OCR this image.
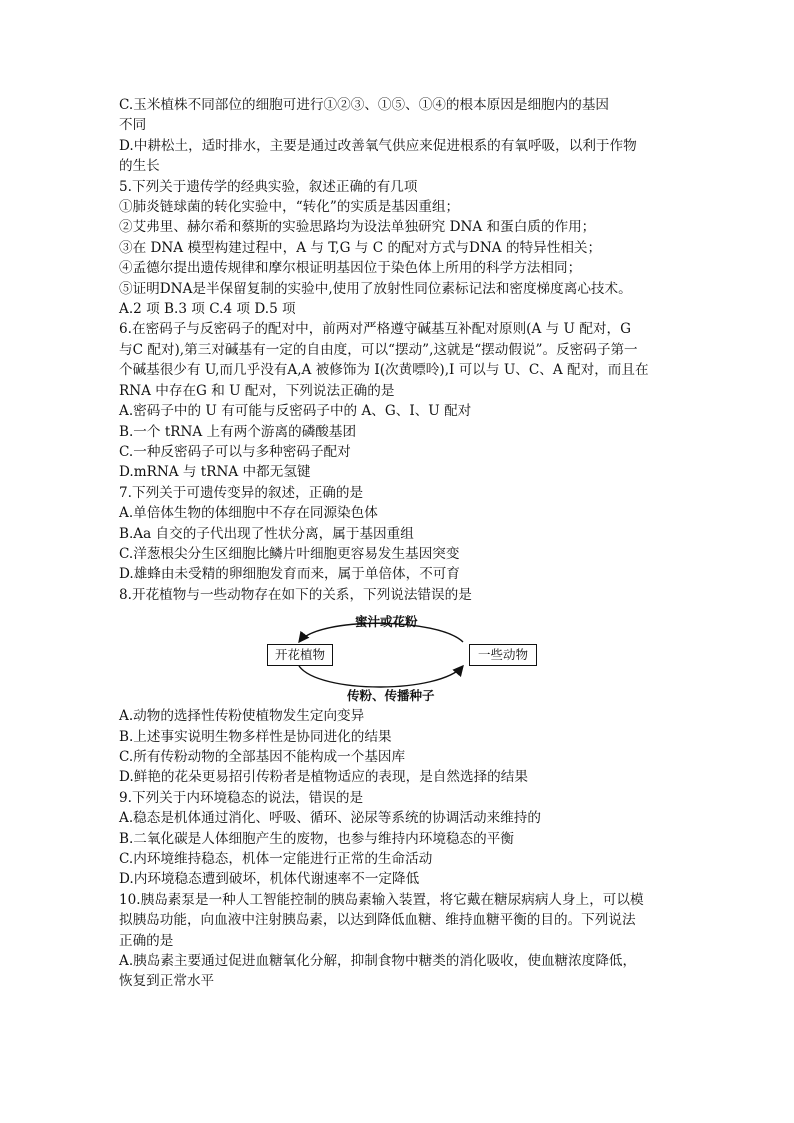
C.玉米植株不同部位的细胞可进行①②③、①⑤、①④的根本原因是细胞内的基因
不同
D.中耕松土，适时排水，主要是通过改善氧气供应来促进根系的有氧呼吸，以利于作物
的生长
5.下列关于遗传学的经典实验，叙述正确的有几项
①肺炎链球菌的转化实验中，“转化”的实质是基因重组；
②艾弗里、赫尔希和蔡斯的实验思路均为设法单独研究 DNA 和蛋白质的作用；
③在 DNA 模型构建过程中，A 与 T,G 与 C 的配对方式与DNA 的特异性相关；
④孟德尔提出遗传规律和摩尔根证明基因位于染色体上所用的科学方法相同；
⑤证明DNA是半保留复制的实验中,使用了放射性同位素标记法和密度梯度离心技术。
A.2 项 B.3 项 C.4 项 D.5 项
6.在密码子与反密码子的配对中，前两对严格遵守碱基互补配对原则(A 与 U 配对，G
与C 配对),第三对碱基有一定的自由度，可以“摆动”,这就是“摆动假说”。反密码子第一
个碱基很少有 U,而几乎没有A,A 被修饰为 I(次黄嘌呤),I 可以与 U、C、A 配对，而且在
RNA 中存在G 和 U 配对，下列说法正确的是
A.密码子中的 U 有可能与反密码子中的 A、G、I、U 配对
B.一个 tRNA 上有两个游离的磷酸基团
C.一种反密码子可以与多种密码子配对
D.mRNA 与 tRNA 中都无氢键
7.下列关于可遗传变异的叙述，正确的是
A.单倍体生物的体细胞中不存在同源染色体
B.Aa 自交的子代出现了性状分离，属于基因重组
C.洋葱根尖分生区细胞比鳞片叶细胞更容易发生基因突变
D.雄蜂由未受精的卵细胞发育而来，属于单倍体，不可育
8.开花植物与一些动物存在如下的关系，下列说法错误的是
蜜汁或花粉
开花植物	一些动物
传粉、传播种子
A.动物的选择性传粉使植物发生定向变异
B.上述事实说明生物多样性是协同进化的结果
C.所有传粉动物的全部基因不能构成一个基因库
D.鲜艳的花朵更易招引传粉者是植物适应的表现，是自然选择的结果
9.下列关于内环境稳态的说法，错误的是
A.稳态是机体通过消化、呼吸、循环、泌尿等系统的协调活动来维持的
B.二氧化碳是人体细胞产生的废物，也参与维持内环境稳态的平衡
C.内环境维持稳态，机体一定能进行正常的生命活动
D.内环境稳态遭到破坏，机体代谢速率不一定降低
10.胰岛素泵是一种人工智能控制的胰岛素输入装置，将它戴在糖尿病病人身上，可以模
拟胰岛功能，向血液中注射胰岛素，以达到降低血糖、维持血糖平衡的目的。下列说法
正确的是
A.胰岛素主要通过促进血糖氧化分解，抑制食物中糖类的消化吸收，使血糖浓度降低，
恢复到正常水平
